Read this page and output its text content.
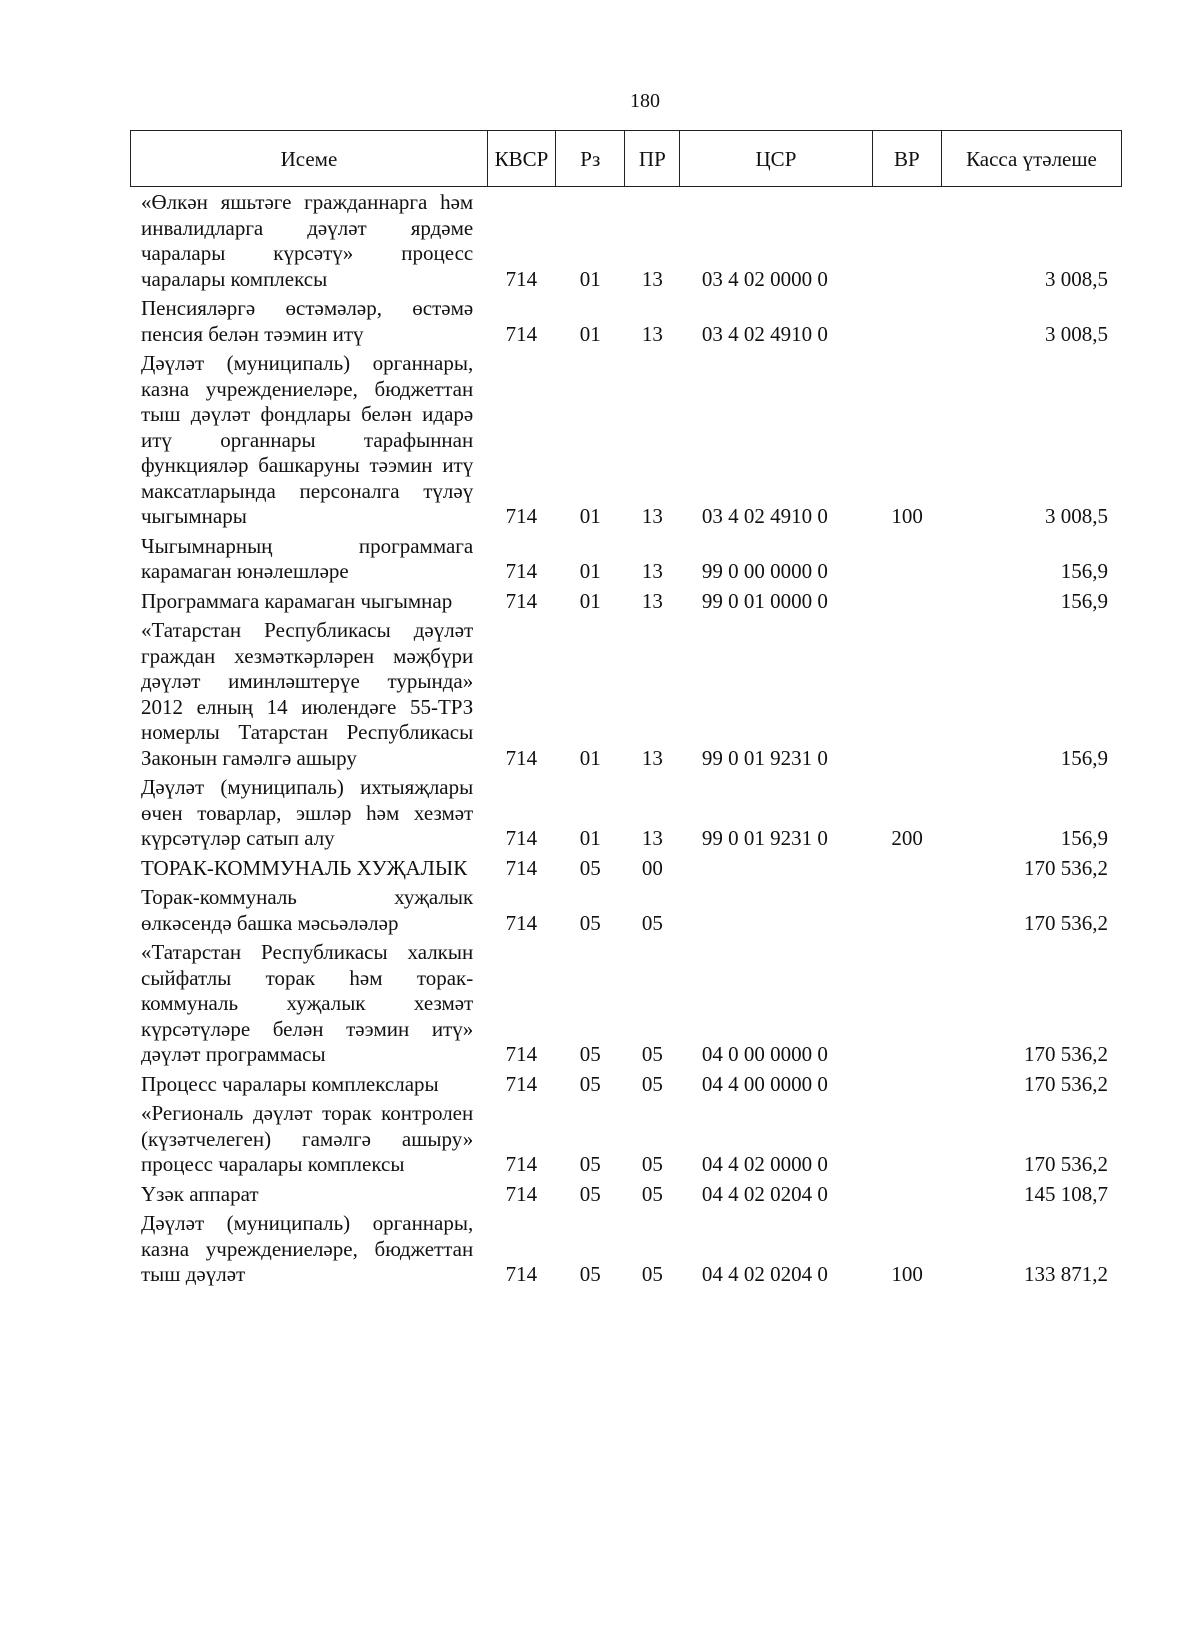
180
Исеме	КВСР	Рз	ПР	ЦСР	ВР	Касса үтәлеше
«Өлкән яшьтәге гражданнарга һәм инвалидларга дәүләт ярдәме чаралары күрсәтү» процесс чаралары комплексы	714	01	13	03 4 02 0000 0		3 008,5
Пенсияләргә өстәмәләр, өстәмә пенсия белән тәэмин итү	714	01	13	03 4 02 4910 0		3 008,5
Дәүләт (муниципаль) органнары, казна учреждениеләре, бюджеттан тыш дәүләт фондлары белән идарә итү органнары тарафыннан функцияләр башкаруны тәэмин итү максатларында персоналга түләү чыгымнары	714	01	13	03 4 02 4910 0	100	3 008,5
Чыгымнарның программага карамаган юнәлешләре	714	01	13	99 0 00 0000 0		156,9
Программага карамаган чыгымнар	714	01	13	99 0 01 0000 0		156,9
«Татарстан Республикасы дәүләт граждан хезмәткәрләрен мәҗбүри дәүләт иминләштерүе турында» 2012 елның 14 июлендәге 55-ТРЗ номерлы Татарстан Республикасы Законын гамәлгә ашыру	714	01	13	99 0 01 9231 0		156,9
Дәүләт (муниципаль) ихтыяҗлары өчен товарлар, эшләр һәм хезмәт күрсәтүләр сатып алу	714	01	13	99 0 01 9231 0	200	156,9
ТОРАК-КОММУНАЛЬ ХУҖАЛЫК	714	05	00			170 536,2
Торак-коммуналь хуҗалык өлкәсендә башка мәсьәләләр	714	05	05			170 536,2
«Татарстан Республикасы халкын сыйфатлы торак һәм торак-коммуналь хуҗалык хезмәт күрсәтүләре белән тәэмин итү» дәүләт программасы	714	05	05	04 0 00 0000 0		170 536,2
Процесс чаралары комплекслары	714	05	05	04 4 00 0000 0		170 536,2
«Региональ дәүләт торак контролен (күзәтчелеген) гамәлгә ашыру» процесс чаралары комплексы	714	05	05	04 4 02 0000 0		170 536,2
Үзәк аппарат	714	05	05	04 4 02 0204 0		145 108,7
Дәүләт (муниципаль) органнары, казна учреждениеләре, бюджеттан тыш дәүләт	714	05	05	04 4 02 0204 0	100	133 871,2
